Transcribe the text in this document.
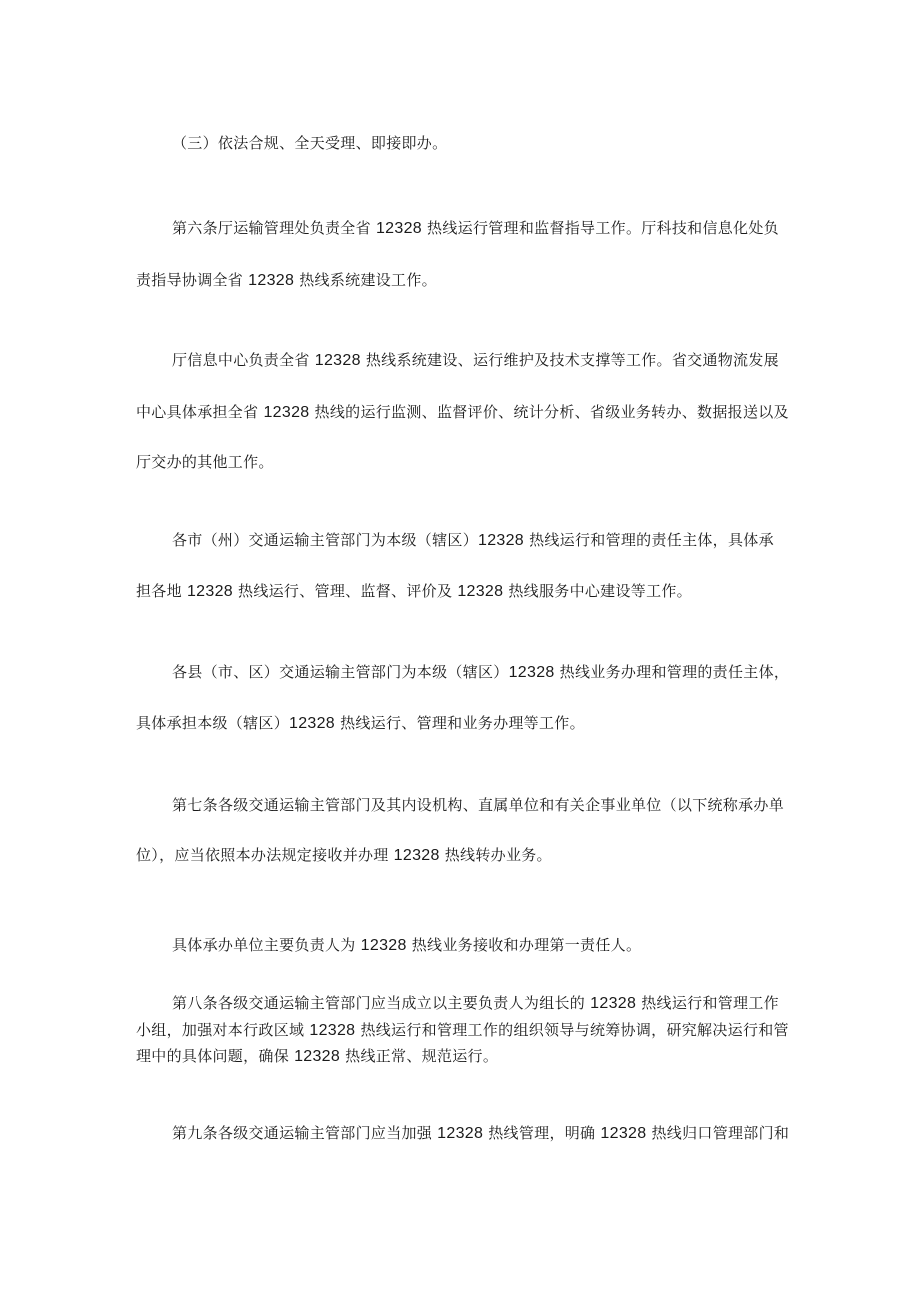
（三）依法合规、全天受理、即接即办。
第六条厅运输管理处负责全省 12328 热线运行管理和监督指导工作。厅科技和信息化处负
责指导协调全省 12328 热线系统建设工作。
厅信息中心负责全省 12328 热线系统建设、运行维护及技术支撑等工作。省交通物流发展
中心具体承担全省 12328 热线的运行监测、监督评价、统计分析、省级业务转办、数据报送以及
厅交办的其他工作。
各市（州）交通运输主管部门为本级（辖区）12328 热线运行和管理的责任主体，具体承
担各地 12328 热线运行、管理、监督、评价及 12328 热线服务中心建设等工作。
各县（市、区）交通运输主管部门为本级（辖区）12328 热线业务办理和管理的责任主体，
具体承担本级（辖区）12328 热线运行、管理和业务办理等工作。
第七条各级交通运输主管部门及其内设机构、直属单位和有关企事业单位（以下统称承办单
位），应当依照本办法规定接收并办理 12328 热线转办业务。
具体承办单位主要负责人为 12328 热线业务接收和办理第一责任人。
第八条各级交通运输主管部门应当成立以主要负责人为组长的 12328 热线运行和管理工作
小组，加强对本行政区域 12328 热线运行和管理工作的组织领导与统筹协调，研究解决运行和管
理中的具体问题，确保 12328 热线正常、规范运行。
第九条各级交通运输主管部门应当加强 12328 热线管理，明确 12328 热线归口管理部门和
